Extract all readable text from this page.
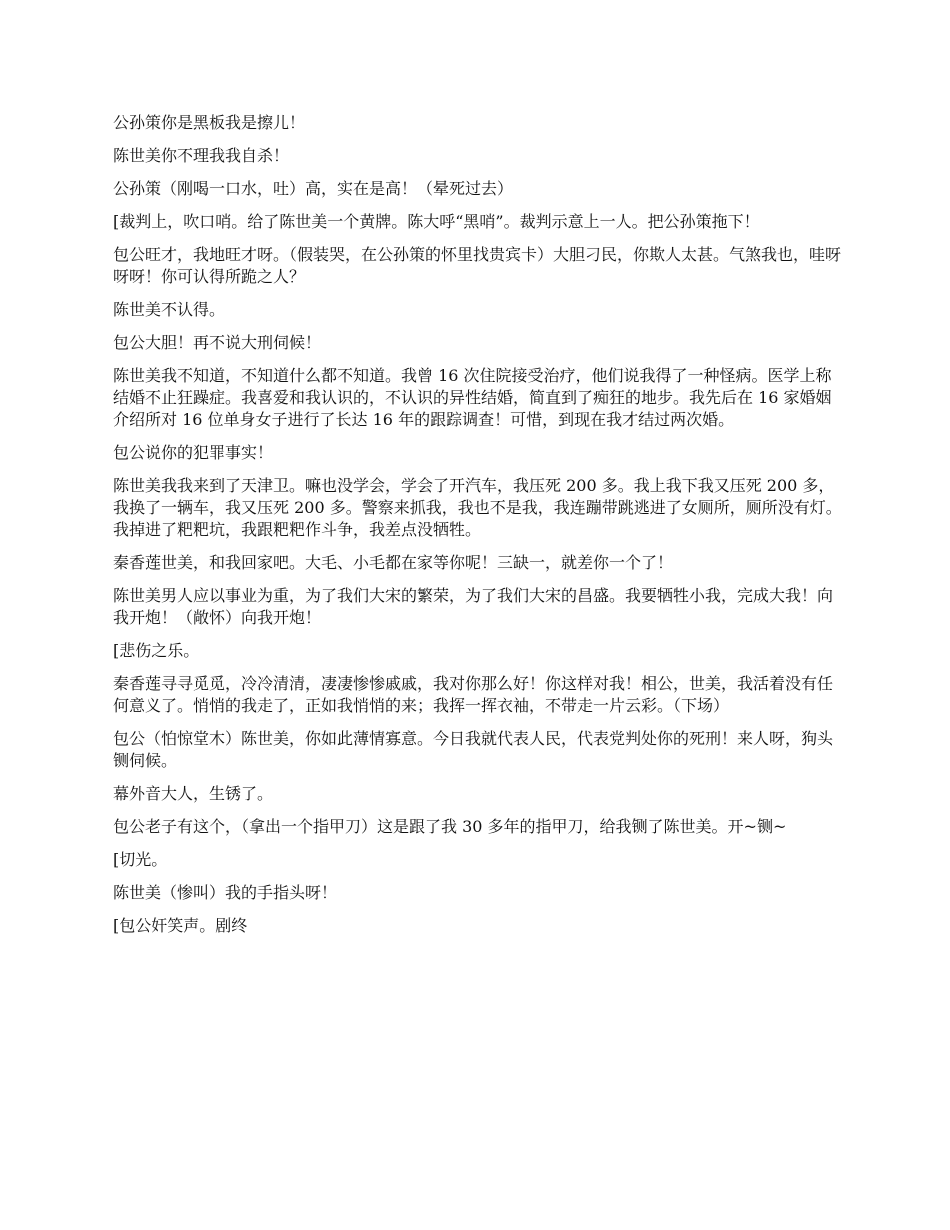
公孙策你是黑板我是擦儿！

陈世美你不理我我自杀！

公孙策（刚喝一口水，吐）高，实在是高！（晕死过去）

[裁判上，吹口哨。给了陈世美一个黄牌。陈大呼“黑哨”。裁判示意上一人。把公孙策拖下！

包公旺才，我地旺才呀。（假装哭，在公孙策的怀里找贵宾卡）大胆刁民，你欺人太甚。气煞我也，哇呀呀呀！你可认得所跪之人？

陈世美不认得。

包公大胆！再不说大刑伺候！

陈世美我不知道，不知道什么都不知道。我曾 16 次住院接受治疗，他们说我得了一种怪病。医学上称结婚不止狂躁症。我喜爱和我认识的，不认识的异性结婚，简直到了痴狂的地步。我先后在 16 家婚姻介绍所对 16 位单身女子进行了长达 16 年的跟踪调查！可惜，到现在我才结过两次婚。

包公说你的犯罪事实！

陈世美我我来到了天津卫。嘛也没学会，学会了开汽车，我压死 200 多。我上我下我又压死 200 多，我换了一辆车，我又压死 200 多。警察来抓我，我也不是我，我连蹦带跳逃进了女厕所，厕所没有灯。我掉进了粑粑坑，我跟粑粑作斗争，我差点没牺牲。

秦香莲世美，和我回家吧。大毛、小毛都在家等你呢！三缺一，就差你一个了！

陈世美男人应以事业为重，为了我们大宋的繁荣，为了我们大宋的昌盛。我要牺牲小我，完成大我！向我开炮！（敞怀）向我开炮！

[悲伤之乐。

秦香莲寻寻觅觅，冷冷清清，凄凄惨惨戚戚，我对你那么好！你这样对我！相公，世美，我活着没有任何意义了。悄悄的我走了，正如我悄悄的来；我挥一挥衣袖，不带走一片云彩。（下场）

包公（怕惊堂木）陈世美，你如此薄情寡意。今日我就代表人民，代表党判处你的死刑！来人呀，狗头铡伺候。

幕外音大人，生锈了。

包公老子有这个，（拿出一个指甲刀）这是跟了我 30 多年的指甲刀，给我铡了陈世美。开~铡~

[切光。

陈世美（惨叫）我的手指头呀！

[包公奸笑声。剧终
